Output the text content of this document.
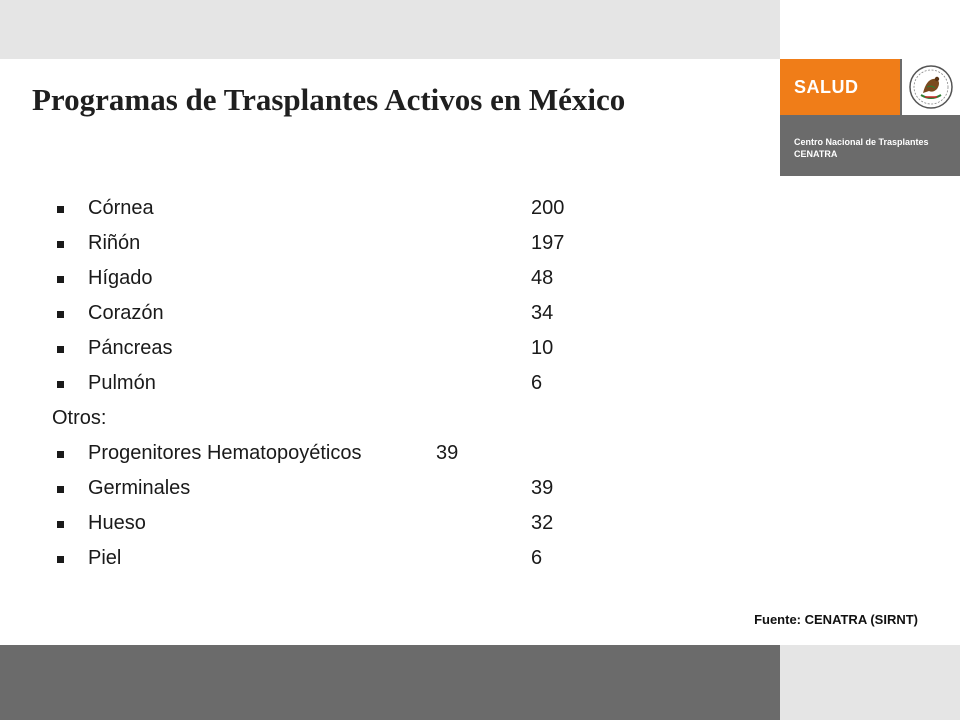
SALUD
Centro Nacional de Trasplantes
CENATRA
Programas de Trasplantes Activos en México
Córnea	200
Riñón	197
Hígado	48
Corazón	34
Páncreas	10
Pulmón	6
Otros:
Progenitores Hematopoyéticos	39
Germinales	39
Hueso	32
Piel	6
Fuente: CENATRA (SIRNT)
